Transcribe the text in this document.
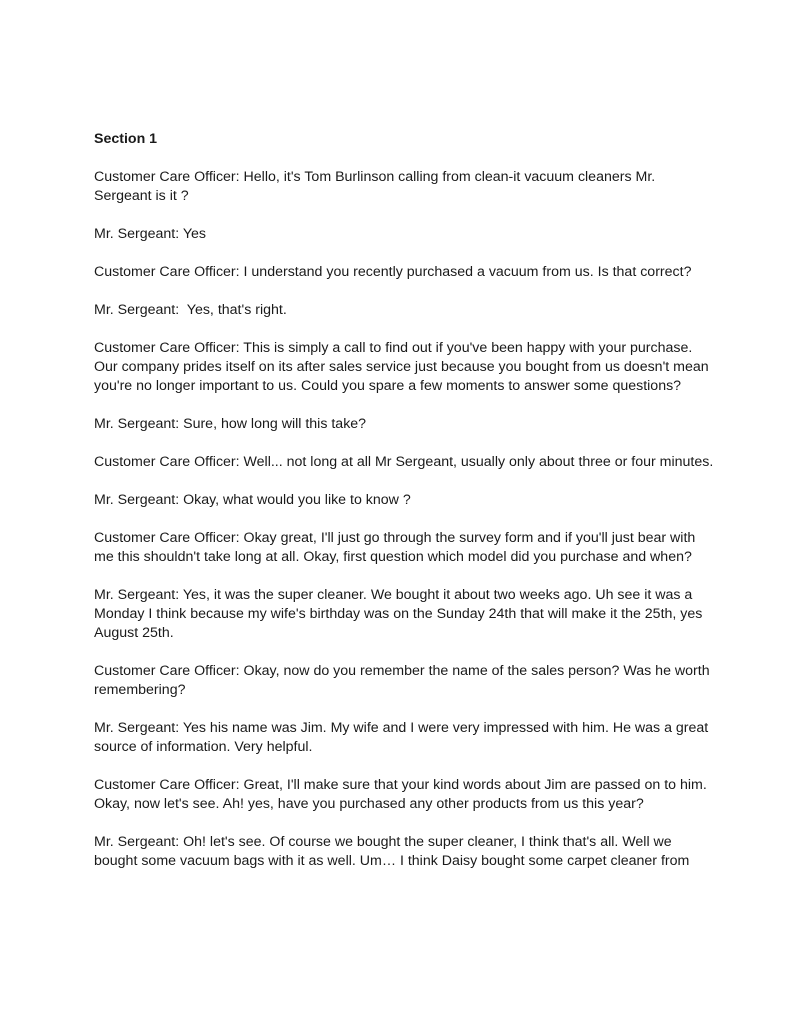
Section 1

Customer Care Officer: Hello, it's Tom Burlinson calling from clean-it vacuum cleaners Mr. Sergeant is it ?

Mr. Sergeant: Yes

Customer Care Officer: I understand you recently purchased a vacuum from us. Is that correct?

Mr. Sergeant:  Yes, that's right.

Customer Care Officer: This is simply a call to find out if you've been happy with your purchase. Our company prides itself on its after sales service just because you bought from us doesn't mean you're no longer important to us. Could you spare a few moments to answer some questions?

Mr. Sergeant: Sure, how long will this take?

Customer Care Officer: Well... not long at all Mr Sergeant, usually only about three or four minutes.

Mr. Sergeant: Okay, what would you like to know ?

Customer Care Officer: Okay great, I'll just go through the survey form and if you'll just bear with me this shouldn't take long at all. Okay, first question which model did you purchase and when?

Mr. Sergeant: Yes, it was the super cleaner. We bought it about two weeks ago. Uh see it was a Monday I think because my wife's birthday was on the Sunday 24th that will make it the 25th, yes August 25th.

Customer Care Officer: Okay, now do you remember the name of the sales person? Was he worth remembering?

Mr. Sergeant: Yes his name was Jim. My wife and I were very impressed with him. He was a great source of information. Very helpful.

Customer Care Officer: Great, I'll make sure that your kind words about Jim are passed on to him. Okay, now let's see. Ah! yes, have you purchased any other products from us this year?

Mr. Sergeant: Oh! let's see. Of course we bought the super cleaner, I think that's all. Well we bought some vacuum bags with it as well. Um… I think Daisy bought some carpet cleaner from
